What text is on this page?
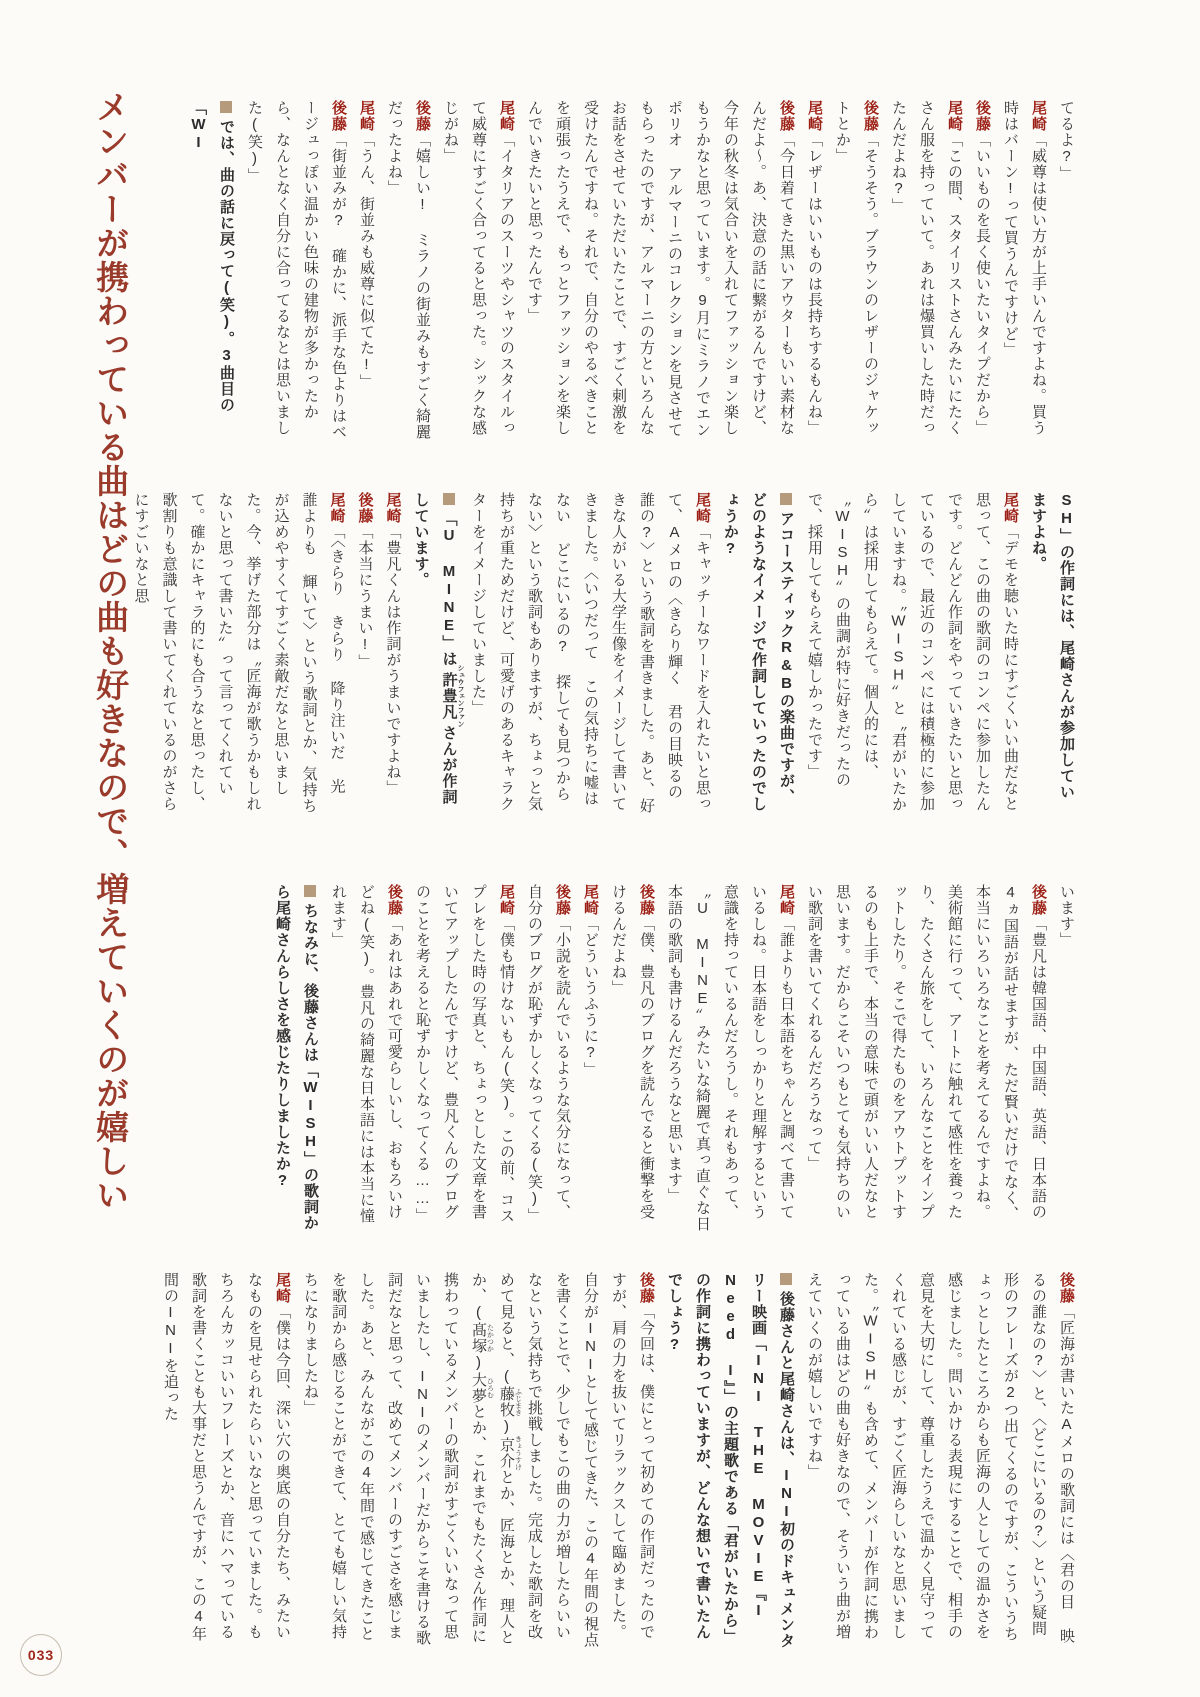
メンバーが携わっている曲はどの曲も好きなので、増えていくのが嬉しい	てるよ?」

尾崎「威尊は使い方が上手いんですよね。買う時はバーン!って買うんですけど」

後藤「いいものを長く使いたいタイプだから」

尾崎「この間、スタイリストさんみたいにたくさん服を持っていて。あれは爆買いした時だったんだよね?」

後藤「そうそう。ブラウンのレザーのジャケットとか」

尾崎「レザーはいいものは長持ちするもんね」

後藤「今日着てきた黒いアウターもいい素材なんだよ〜。あ、決意の話に繋がるんですけど、今年の秋冬は気合いを入れてファッション楽しもうかなと思っています。9月にミラノでエンポリオ アルマーニのコレクションを見させてもらったのですが、アルマーニの方といろんなお話をさせていただいたことで、すごく刺激を受けたんですね。それで、自分のやるべきことを頑張ったうえで、もっとファッションを楽しんでいきたいと思ったんです」

尾崎「イタリアのスーツやシャツのスタイルって威尊にすごく合ってると思った。シックな感じがね」

後藤「嬉しい! ミラノの街並みもすごく綺麗だったよね」

尾崎「うん、街並みも威尊に似てた!」

後藤「街並みが? 確かに、派手な色よりはベージュっぽい温かい色味の建物が多かったから、なんとなく自分に合ってるなとは思いました(笑)」

では、曲の話に戻って(笑)。3曲目の「WI

SH」の作詞には、尾崎さんが参加していますよね。

尾崎「デモを聴いた時にすごくいい曲だなと思って、この曲の歌詞のコンペに参加したんです。どんどん作詞をやっていきたいと思っているので、最近のコンペには積極的に参加していますね。〝WISH〟と〝君がいたから〟は採用してもらえて。個人的には、〝WISH〟の曲調が特に好きだったので、採用してもらえて嬉しかったです」

アコースティックR&Bの楽曲ですが、どのようなイメージで作詞していったのでしょうか?

尾崎「キャッチーなワードを入れたいと思って、Aメロの〈きらり輝く 君の目映るの誰の?〉という歌詞を書きました。あと、好きな人がいる大学生像をイメージして書いてきました。〈いつだって この気持ちに嘘はない どこにいるの? 探しても見つからない〉という歌詞もありますが、ちょっと気持ちが重ためだけど、可愛げのあるキャラクターをイメージしていました」

「U MINE」は許豊凡 シュウフェンファンさんが作詞しています。

尾崎「豊凡くんは作詞がうまいですよね」

後藤「本当にうまい!」

尾崎「〈きらり きらり 降り注いだ 光 誰よりも 輝いて〉という歌詞とか、気持ちが込めやすくてすごく素敵だなと思いました。今、挙げた部分は〝匠海が歌うかもしれないと思って書いた〟って言ってくれていて。確かにキャラ的にも合うなと思ったし、歌割りも意識して書いてくれているのがさらにすごいなと思

います」

後藤「豊凡は韓国語、中国語、英語、日本語の4ヵ国語が話せますが、ただ賢いだけでなく、本当にいろいろなことを考えてるんですよね。美術館に行って、アートに触れて感性を養ったり、たくさん旅をして、いろんなことをインプットしたり。そこで得たものをアウトプットするのも上手で、本当の意味で頭がいい人だなと思います。だからこそいつもとても気持ちのいい歌詞を書いてくれるんだろうなって」

尾崎「誰よりも日本語をちゃんと調べて書いているしね。日本語をしっかりと理解するという意識を持っているんだろうし。それもあって、〝U MINE〟みたいな綺麗で真っ直ぐな日本語の歌詞も書けるんだろうなと思います」

後藤「僕、豊凡のブログを読んでると衝撃を受けるんだよね」

尾崎「どういうふうに?」

後藤「小説を読んでいるような気分になって、自分のブログが恥ずかしくなってくる(笑)」

尾崎「僕も情けないもん(笑)。この前、コスプレをした時の写真と、ちょっとした文章を書いてアップしたんですけど、豊凡くんのブログのことを考えると恥ずかしくなってくる……」

後藤「あれはあれで可愛らしいし、おもろいけどね(笑)。豊凡の綺麗な日本語には本当に憧れます」

ちなみに、後藤さんは「WISH」の歌詞から尾崎さんらしさを感じたりしましたか?

後藤「匠海が書いたAメロの歌詞には〈君の目 映るの誰なの?〉と、〈どこにいるの?〉という疑問形のフレーズが2つ出てくるのですが、こういうちょっとしたところからも匠海の人としての温かさを感じました。問いかける表現にすることで、相手の意見を大切にして、尊重したうえで温かく見守ってくれている感じが、すごく匠海らしいなと思いました。〝WISH〟も含めて、メンバーが作詞に携わっている曲はどの曲も好きなので、そういう曲が増えていくのが嬉しいですね」

後藤さんと尾崎さんは、INI初のドキュメンタリー映画「INI THE MOVIE『I Need I』」の主題歌である「君がいたから」の作詞に携わっていますが、どんな想いで書いたんでしょう?

後藤「今回は、僕にとって初めての作詞だったのですが、肩の力を抜いてリラックスして臨めました。自分がINIとして感じてきた、この4年間の視点を書くことで、少しでもこの曲の力が増したらいいなという気持ちで挑戦しました。完成した歌詞を改めて見ると、(藤牧 ふじまき)京介 きょうすけとか、匠海とか、理人とか、(髙塚 たかつか)大夢 ひろむとか、これまでもたくさん作詞に携わっているメンバーの歌詞がすごくいいなって思いましたし、INIのメンバーだからこそ書ける歌詞だなと思って、改めてメンバーのすごさを感じました。あと、みんながこの4年間で感じてきたことを歌詞から感じることができて、とても嬉しい気持ちになりましたね」

尾崎「僕は今回、深い穴の奥底の自分たち、みたいなものを見せられたらいいなと思っていました。もちろんカッコいいフレーズとか、音にハマっている歌詞を書くことも大事だと思うんですが、この4年間のINIを追った

033
